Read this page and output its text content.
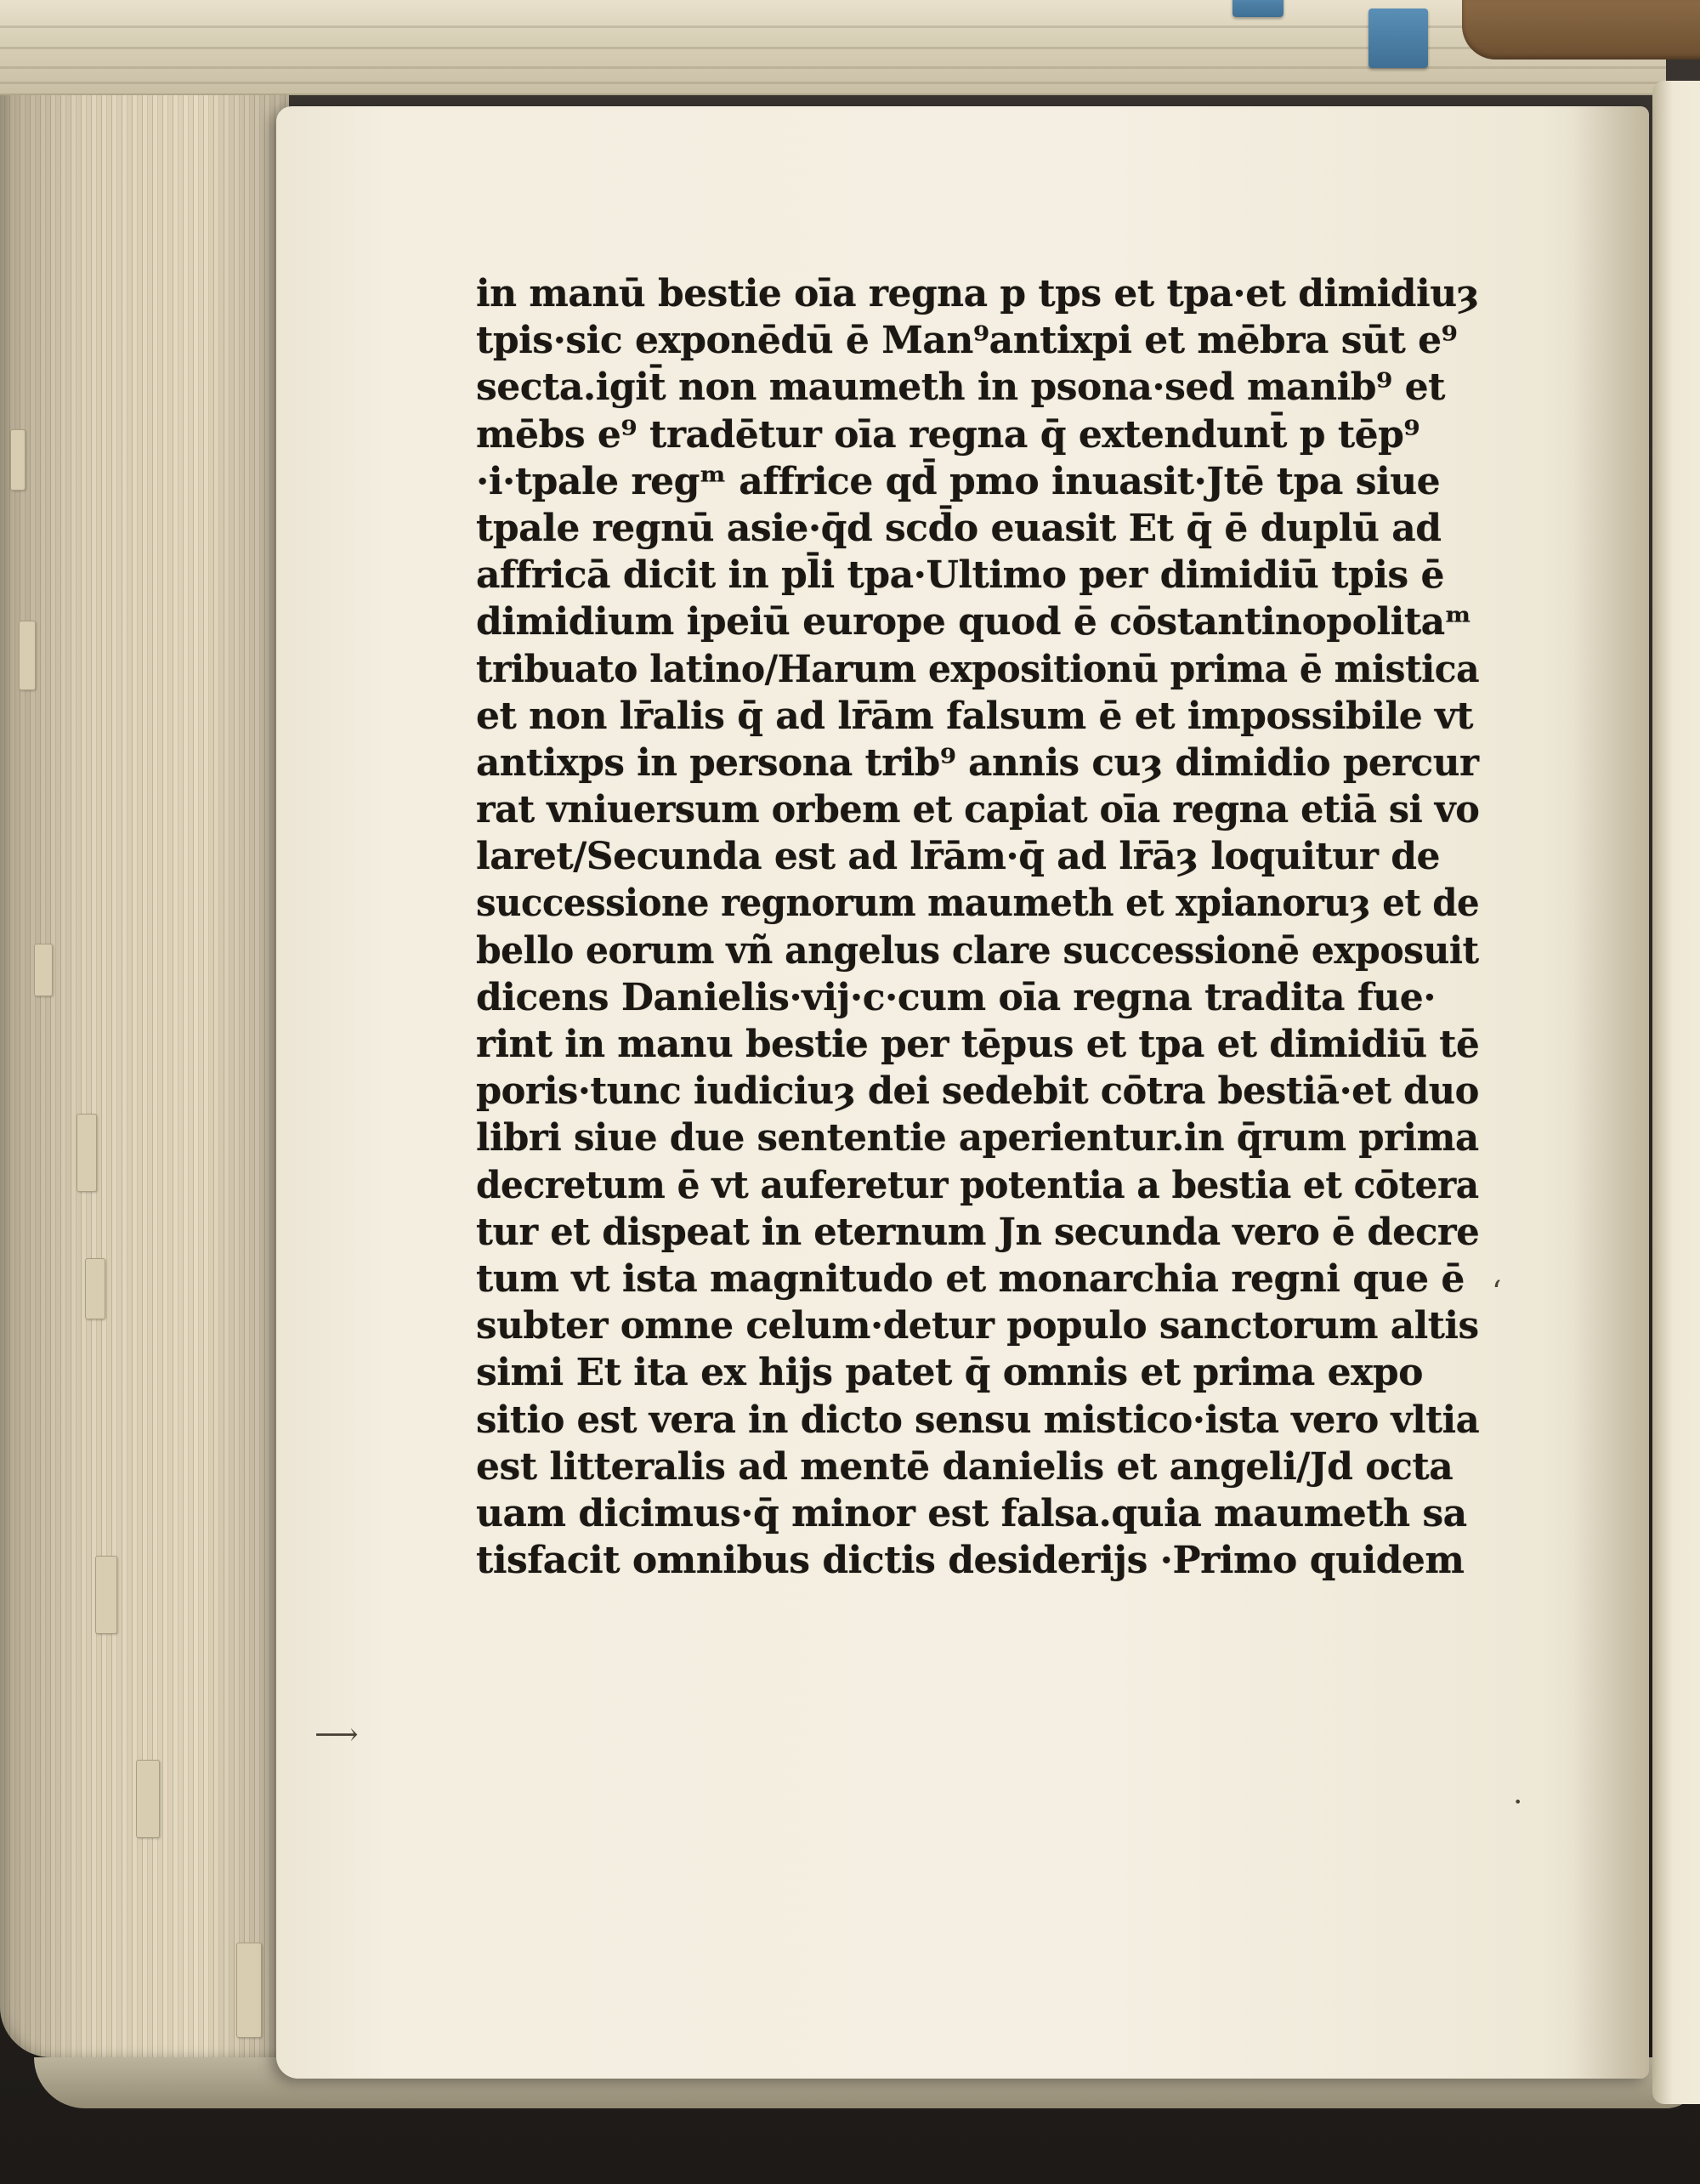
‘
⟶
·
in manū bestie oīa regna p tps et tpa·et dimidiuȝ
tpis·sic exponēdū ē Man⁹antixpi et mēbra sūt e⁹
secta.igit̄ non maumeth in psona·sed manib⁹ et
mēbs e⁹ tradētur oīa regna q̄ extendunt̄ p tēp⁹
·i·tpale regᵐ affrice qd̄ pmo inuasit·Jtē tpa siue
tpale regnū asie·q̄d scd̄o euasit Et q̄ ē duplū ad
affricā dicit in pl̄i tpa·Ultimo per dimidiū tpis ē
dimidium ipeiū europe quod ē cōstantinopolitaᵐ
tribuato latino/Harum expositionū prima ē mistica
et non lr̄alis q̄ ad lr̄ām falsum ē et impossibile vt
antixps in persona trib⁹ annis cuȝ dimidio percur
rat vniuersum orbem et capiat oīa regna etiā si vo
laret/Secunda est ad lr̄ām·q̄ ad lr̄āȝ loquitur de
successione regnorum maumeth et xpianoruȝ et de
bello eorum vñ angelus clare successionē exposuit
dicens Danielis·vij·c·cum oīa regna tradita fue·
rint in manu bestie per tēpus et tpa et dimidiū tē
poris·tunc iudiciuȝ dei sedebit cōtra bestiā·et duo
libri siue due sententie aperientur.in q̄rum prima
decretum ē vt auferetur potentia a bestia et cōtera
tur et dispeat in eternum Jn secunda vero ē decre
tum vt ista magnitudo et monarchia regni que ē
subter omne celum·detur populo sanctorum altis
simi Et ita ex hijs patet q̄ omnis et prima expo
sitio est vera in dicto sensu mistico·ista vero vltia
est litteralis ad mentē danielis et angeli/Jd octa
uam dicimus·q̄ minor est falsa.quia maumeth sa
tisfacit omnibus dictis desiderijs ·Primo quidem
